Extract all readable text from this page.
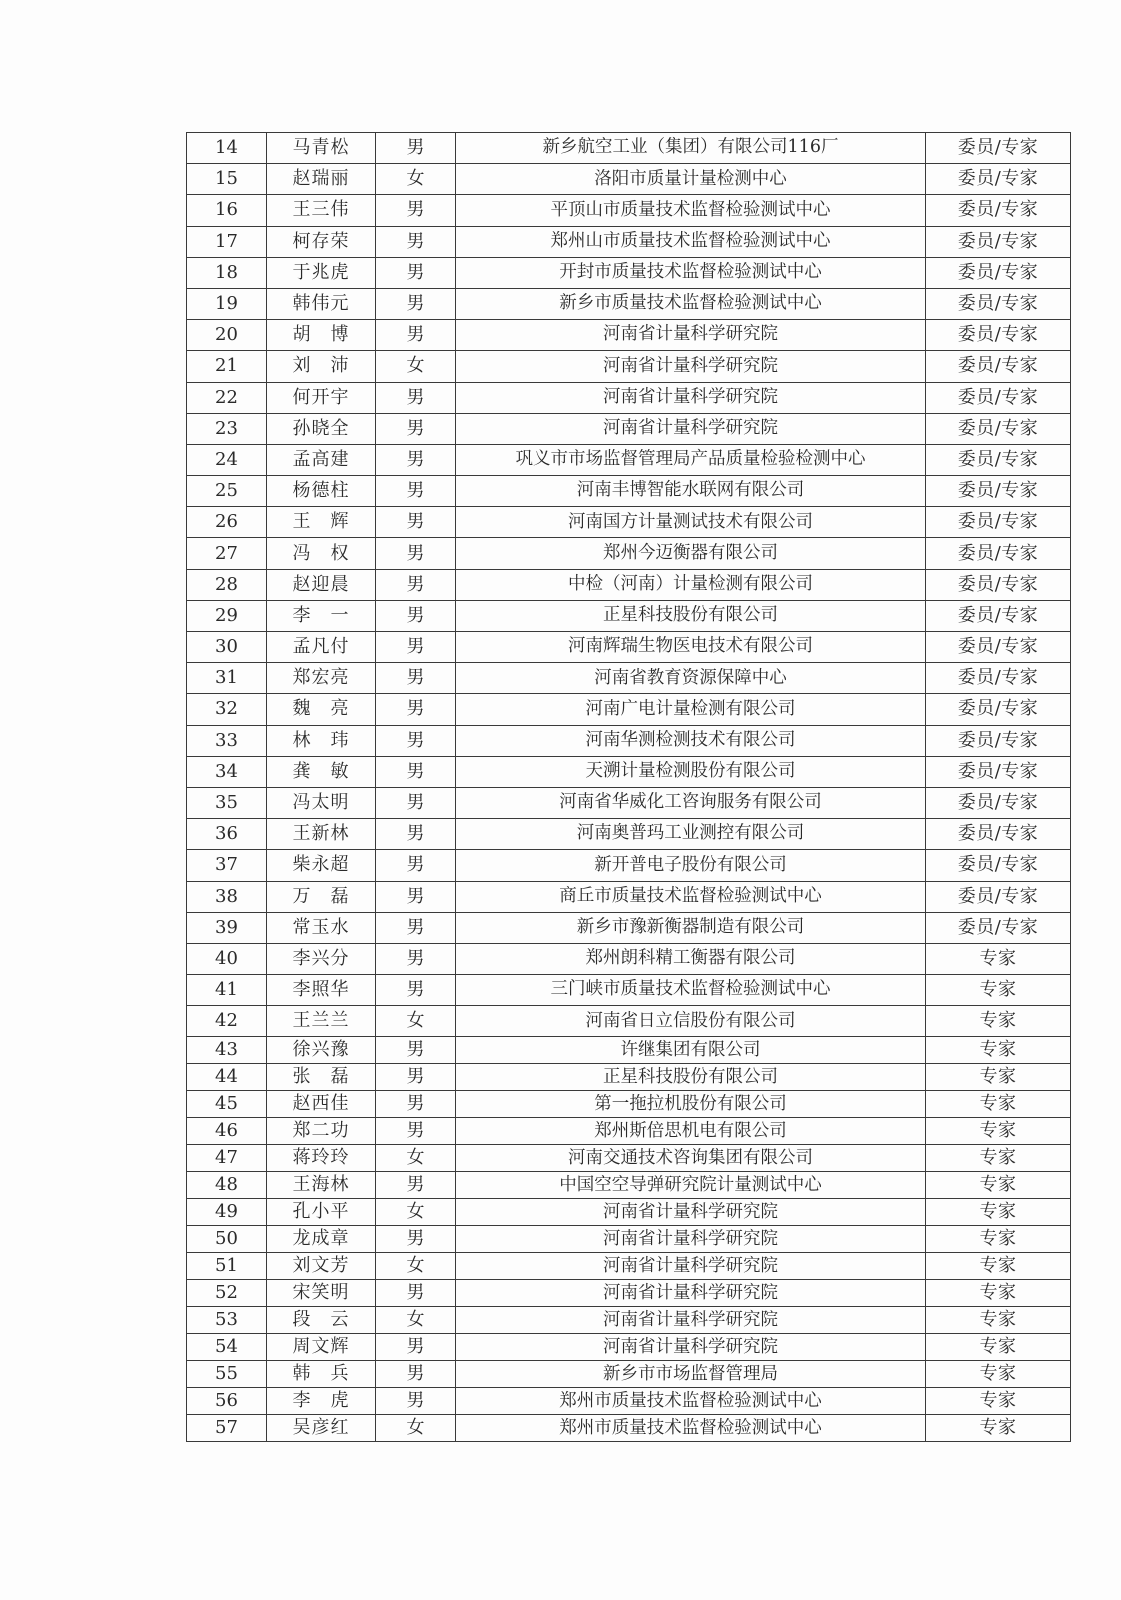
14	马青松	男	新乡航空工业（集团）有限公司116厂	委员/专家
15	赵瑞丽	女	洛阳市质量计量检测中心	委员/专家
16	王三伟	男	平顶山市质量技术监督检验测试中心	委员/专家
17	柯存荣	男	郑州山市质量技术监督检验测试中心	委员/专家
18	于兆虎	男	开封市质量技术监督检验测试中心	委员/专家
19	韩伟元	男	新乡市质量技术监督检验测试中心	委员/专家
20	胡　博	男	河南省计量科学研究院	委员/专家
21	刘　沛	女	河南省计量科学研究院	委员/专家
22	何开宇	男	河南省计量科学研究院	委员/专家
23	孙晓全	男	河南省计量科学研究院	委员/专家
24	孟高建	男	巩义市市场监督管理局产品质量检验检测中心	委员/专家
25	杨德柱	男	河南丰博智能水联网有限公司	委员/专家
26	王　辉	男	河南国方计量测试技术有限公司	委员/专家
27	冯　权	男	郑州今迈衡器有限公司	委员/专家
28	赵迎晨	男	中检（河南）计量检测有限公司	委员/专家
29	李　一	男	正星科技股份有限公司	委员/专家
30	孟凡付	男	河南辉瑞生物医电技术有限公司	委员/专家
31	郑宏亮	男	河南省教育资源保障中心	委员/专家
32	魏　亮	男	河南广电计量检测有限公司	委员/专家
33	林　玮	男	河南华测检测技术有限公司	委员/专家
34	龚　敏	男	天溯计量检测股份有限公司	委员/专家
35	冯太明	男	河南省华威化工咨询服务有限公司	委员/专家
36	王新林	男	河南奥普玛工业测控有限公司	委员/专家
37	柴永超	男	新开普电子股份有限公司	委员/专家
38	万　磊	男	商丘市质量技术监督检验测试中心	委员/专家
39	常玉水	男	新乡市豫新衡器制造有限公司	委员/专家
40	李兴分	男	郑州朗科精工衡器有限公司	专家
41	李照华	男	三门峡市质量技术监督检验测试中心	专家
42	王兰兰	女	河南省日立信股份有限公司	专家
43	徐兴豫	男	许继集团有限公司	专家
44	张　磊	男	正星科技股份有限公司	专家
45	赵西佳	男	第一拖拉机股份有限公司	专家
46	郑二功	男	郑州斯倍思机电有限公司	专家
47	蒋玲玲	女	河南交通技术咨询集团有限公司	专家
48	王海林	男	中国空空导弹研究院计量测试中心	专家
49	孔小平	女	河南省计量科学研究院	专家
50	龙成章	男	河南省计量科学研究院	专家
51	刘文芳	女	河南省计量科学研究院	专家
52	宋笑明	男	河南省计量科学研究院	专家
53	段　云	女	河南省计量科学研究院	专家
54	周文辉	男	河南省计量科学研究院	专家
55	韩　兵	男	新乡市市场监督管理局	专家
56	李　虎	男	郑州市质量技术监督检验测试中心	专家
57	吴彦红	女	郑州市质量技术监督检验测试中心	专家
